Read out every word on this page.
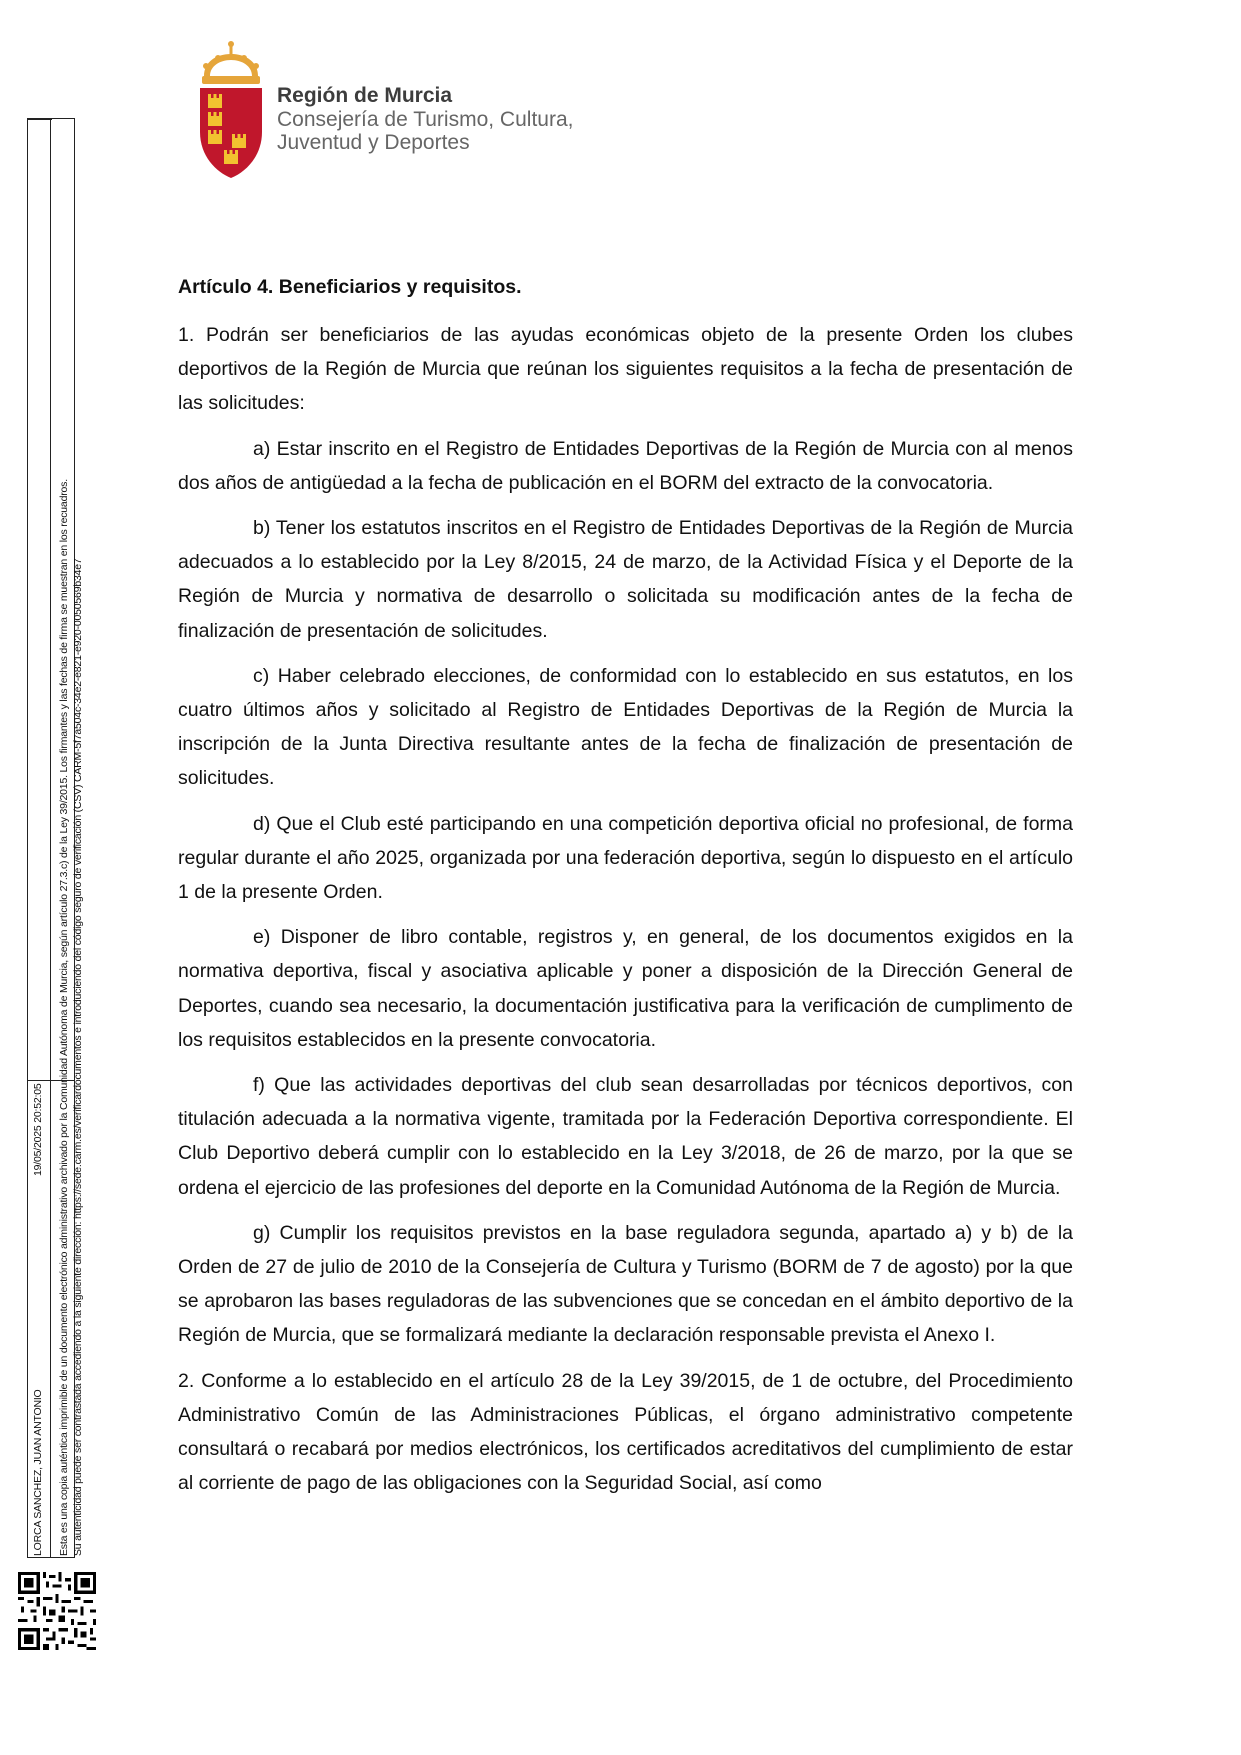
Región de Murcia

Consejería de Turismo, Cultura,

Juventud y Deportes

LORCA SANCHEZ, JUAN ANTONIO
19/05/2025 20:52:05 Esta es una copia auténtica imprimible de un documento electrónico administrativo archivado por la Comunidad Autónoma de Murcia, según artículo 27.3.c) de la Ley 39/2015. Los firmantes y las fechas de firma se muestran en los recuadros. Su autenticidad puede ser contrastada accediendo a la siguiente dirección: https://sede.carm.es/verificardocumentos e introduciendo del código seguro de verificación (CSV) CARM-5f7a504c-34e2-e821-e920-0050569b34e7
Artículo 4. Beneficiarios y requisitos.

1. Podrán ser beneficiarios de las ayudas económicas objeto de la presente Orden los clubes deportivos de la Región de Murcia que reúnan los siguientes requisitos a la fecha de presentación de las solicitudes:

a) Estar inscrito en el Registro de Entidades Deportivas de la Región de Murcia con al menos dos años de antigüedad a la fecha de publicación en el BORM del extracto de la convocatoria.

b) Tener los estatutos inscritos en el Registro de Entidades Deportivas de la Región de Murcia adecuados a lo establecido por la Ley 8/2015, 24 de marzo, de la Actividad Física y el Deporte de la Región de Murcia y normativa de desarrollo o solicitada su modificación antes de la fecha de finalización de presentación de solicitudes.

c) Haber celebrado elecciones, de conformidad con lo establecido en sus estatutos, en los cuatro últimos años y solicitado al Registro de Entidades Deportivas de la Región de Murcia la inscripción de la Junta Directiva resultante antes de la fecha de finalización de presentación de solicitudes.

d) Que el Club esté participando en una competición deportiva oficial no profesional, de forma regular durante el año 2025, organizada por una federación deportiva, según lo dispuesto en el artículo 1 de la presente Orden.

e) Disponer de libro contable, registros y, en general, de los documentos exigidos en la normativa deportiva, fiscal y asociativa aplicable y poner a disposición de la Dirección General de Deportes, cuando sea necesario, la documentación justificativa para la verificación de cumplimento de los requisitos establecidos en la presente convocatoria.

f) Que las actividades deportivas del club sean desarrolladas por técnicos deportivos, con titulación adecuada a la normativa vigente, tramitada por la Federación Deportiva correspondiente. El Club Deportivo deberá cumplir con lo establecido en la Ley 3/2018, de 26 de marzo, por la que se ordena el ejercicio de las profesiones del deporte en la Comunidad Autónoma de la Región de Murcia.

g) Cumplir los requisitos previstos en la base reguladora segunda, apartado a) y b) de la Orden de 27 de julio de 2010 de la Consejería de Cultura y Turismo (BORM de 7 de agosto) por la que se aprobaron las bases reguladoras de las subvenciones que se concedan en el ámbito deportivo de la Región de Murcia, que se formalizará mediante la declaración responsable prevista el Anexo I.

2. Conforme a lo establecido en el artículo 28 de la Ley 39/2015, de 1 de octubre, del Procedimiento Administrativo Común de las Administraciones Públicas, el órgano administrativo competente consultará o recabará por medios electrónicos, los certificados acreditativos del cumplimiento de estar al corriente de pago de las obligaciones con la Seguridad Social, así como
